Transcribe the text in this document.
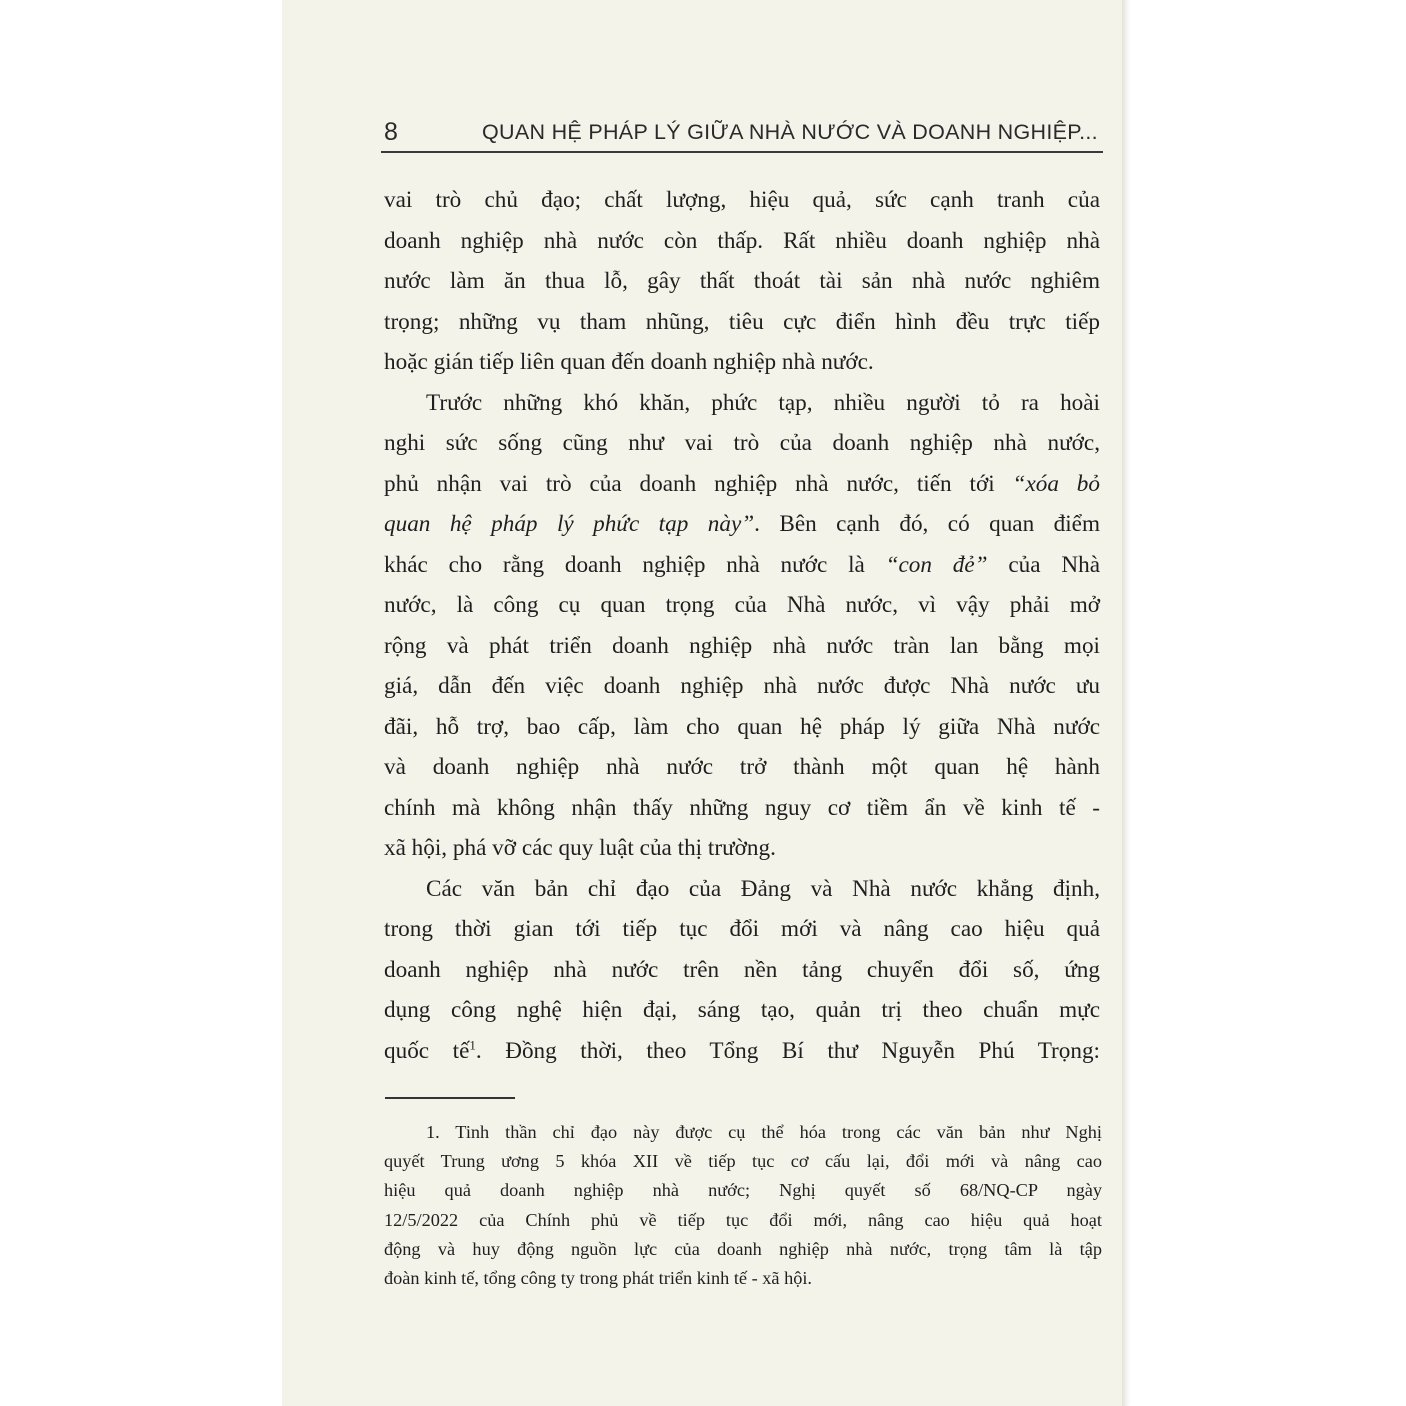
8	QUAN HỆ PHÁP LÝ GIỮA NHÀ NƯỚC VÀ DOANH NGHIỆP...

vai trò chủ đạo; chất lượng, hiệu quả, sức cạnh tranh của
doanh nghiệp nhà nước còn thấp. Rất nhiều doanh nghiệp nhà
nước làm ăn thua lỗ, gây thất thoát tài sản nhà nước nghiêm
trọng; những vụ tham nhũng, tiêu cực điển hình đều trực tiếp
hoặc gián tiếp liên quan đến doanh nghiệp nhà nước.

Trước những khó khăn, phức tạp, nhiều người tỏ ra hoài
nghi sức sống cũng như vai trò của doanh nghiệp nhà nước,
phủ nhận vai trò của doanh nghiệp nhà nước, tiến tới “xóa bỏ
quan hệ pháp lý phức tạp này”. Bên cạnh đó, có quan điểm
khác cho rằng doanh nghiệp nhà nước là “con đẻ” của Nhà
nước, là công cụ quan trọng của Nhà nước, vì vậy phải mở
rộng và phát triển doanh nghiệp nhà nước tràn lan bằng mọi
giá, dẫn đến việc doanh nghiệp nhà nước được Nhà nước ưu
đãi, hỗ trợ, bao cấp, làm cho quan hệ pháp lý giữa Nhà nước
và doanh nghiệp nhà nước trở thành một quan hệ hành
chính mà không nhận thấy những nguy cơ tiềm ẩn về kinh tế -
xã hội, phá vỡ các quy luật của thị trường.

Các văn bản chỉ đạo của Đảng và Nhà nước khẳng định,
trong thời gian tới tiếp tục đổi mới và nâng cao hiệu quả
doanh nghiệp nhà nước trên nền tảng chuyển đổi số, ứng
dụng công nghệ hiện đại, sáng tạo, quản trị theo chuẩn mực
quốc tế$^1$. Đồng thời, theo Tổng Bí thư Nguyễn Phú Trọng:

1. Tinh thần chỉ đạo này được cụ thể hóa trong các văn bản như Nghị
quyết Trung ương 5 khóa XII về tiếp tục cơ cấu lại, đổi mới và nâng cao
hiệu quả doanh nghiệp nhà nước; Nghị quyết số 68/NQ-CP ngày
12/5/2022 của Chính phủ về tiếp tục đổi mới, nâng cao hiệu quả hoạt
động và huy động nguồn lực của doanh nghiệp nhà nước, trọng tâm là tập
đoàn kinh tế, tổng công ty trong phát triển kinh tế - xã hội.
